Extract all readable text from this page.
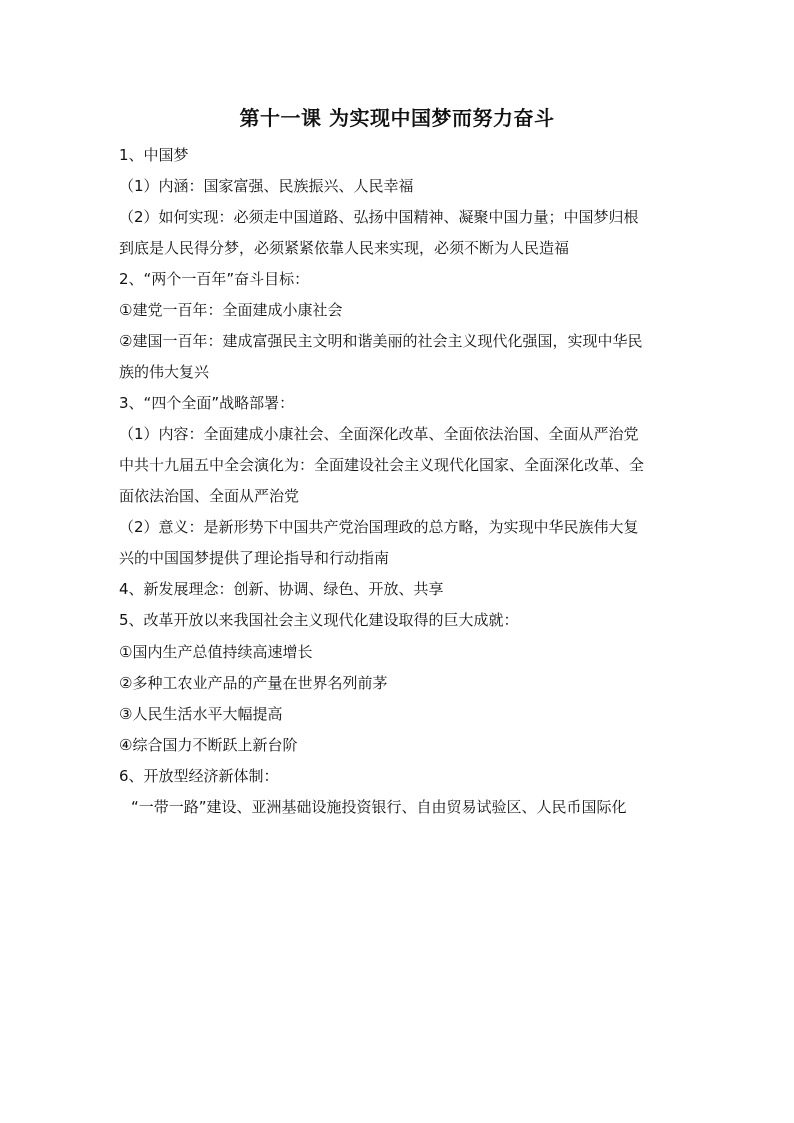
第十一课 为实现中国梦而努力奋斗
1、中国梦
（1）内涵：国家富强、民族振兴、人民幸福
（2）如何实现：必须走中国道路、弘扬中国精神、凝聚中国力量；中国梦归根
到底是人民得分梦，必须紧紧依靠人民来实现，必须不断为人民造福
2、“两个一百年”奋斗目标：
①建党一百年：全面建成小康社会
②建国一百年：建成富强民主文明和谐美丽的社会主义现代化强国，实现中华民
族的伟大复兴
3、“四个全面”战略部署：
（1）内容：全面建成小康社会、全面深化改革、全面依法治国、全面从严治党
中共十九届五中全会演化为：全面建设社会主义现代化国家、全面深化改革、全
面依法治国、全面从严治党
（2）意义：是新形势下中国共产党治国理政的总方略，为实现中华民族伟大复
兴的中国国梦提供了理论指导和行动指南
4、新发展理念：创新、协调、绿色、开放、共享
5、改革开放以来我国社会主义现代化建设取得的巨大成就：
①国内生产总值持续高速增长
②多种工农业产品的产量在世界名列前茅
③人民生活水平大幅提高
④综合国力不断跃上新台阶
6、开放型经济新体制：
“一带一路”建设、亚洲基础设施投资银行、自由贸易试验区、人民币国际化
